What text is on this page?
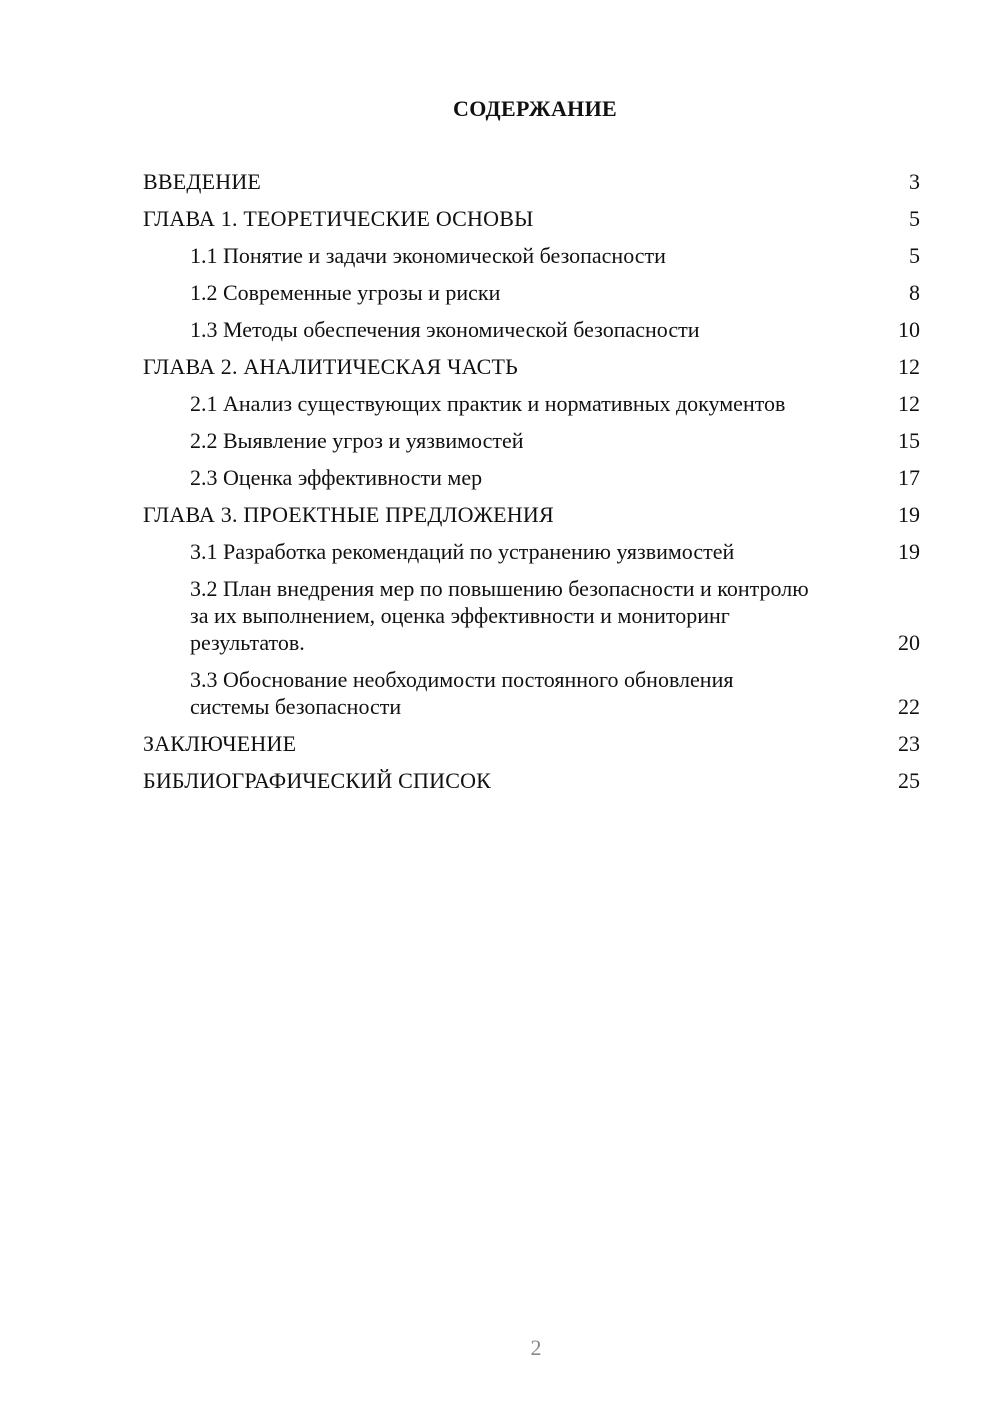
СОДЕРЖАНИЕ
ВВЕДЕНИЕ	3
ГЛАВА 1. ТЕОРЕТИЧЕСКИЕ ОСНОВЫ	5
1.1 Понятие и задачи экономической безопасности	5
1.2 Современные угрозы и риски	8
1.3 Методы обеспечения экономической безопасности	10
ГЛАВА 2. АНАЛИТИЧЕСКАЯ ЧАСТЬ	12
2.1 Анализ существующих практик и нормативных документов	12
2.2 Выявление угроз и уязвимостей	15
2.3 Оценка эффективности мер	17
ГЛАВА 3. ПРОЕКТНЫЕ ПРЕДЛОЖЕНИЯ	19
3.1 Разработка рекомендаций по устранению уязвимостей	19
3.2 План внедрения мер по повышению безопасности и контролю за их выполнением, оценка эффективности и мониторинг результатов.	20
3.3 Обоснование необходимости постоянного обновления системы безопасности	22
ЗАКЛЮЧЕНИЕ	23
БИБЛИОГРАФИЧЕСКИЙ СПИСОК	25
2
